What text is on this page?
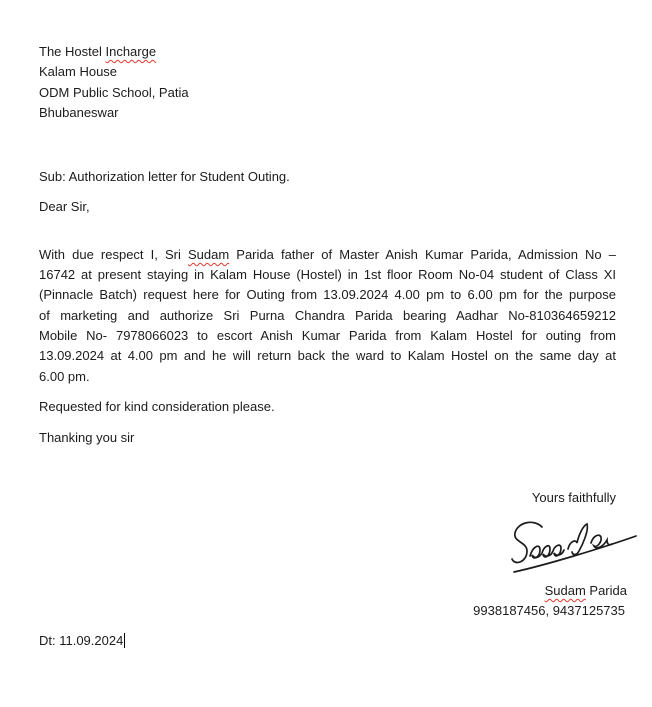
The Hostel Incharge
Kalam House
ODM Public School, Patia
Bhubaneswar
Sub: Authorization letter for Student Outing.
Dear Sir,
With due respect I, Sri Sudam Parida father of Master Anish Kumar Parida, Admission No –
16742 at present staying in Kalam House (Hostel) in 1st floor Room No-04 student of Class XI
(Pinnacle Batch) request here for Outing from 13.09.2024 4.00 pm to 6.00 pm for the purpose
of marketing and authorize Sri Purna Chandra Parida bearing Aadhar No-810364659212
Mobile No- 7978066023 to escort Anish Kumar Parida from Kalam Hostel for outing from
13.09.2024 at 4.00 pm and he will return back the ward to Kalam Hostel on the same day at
6.00 pm.
Requested for kind consideration please.
Thanking you sir
Yours faithfully
Sudam Parida
9938187456, 9437125735
Dt: 11.09.2024
